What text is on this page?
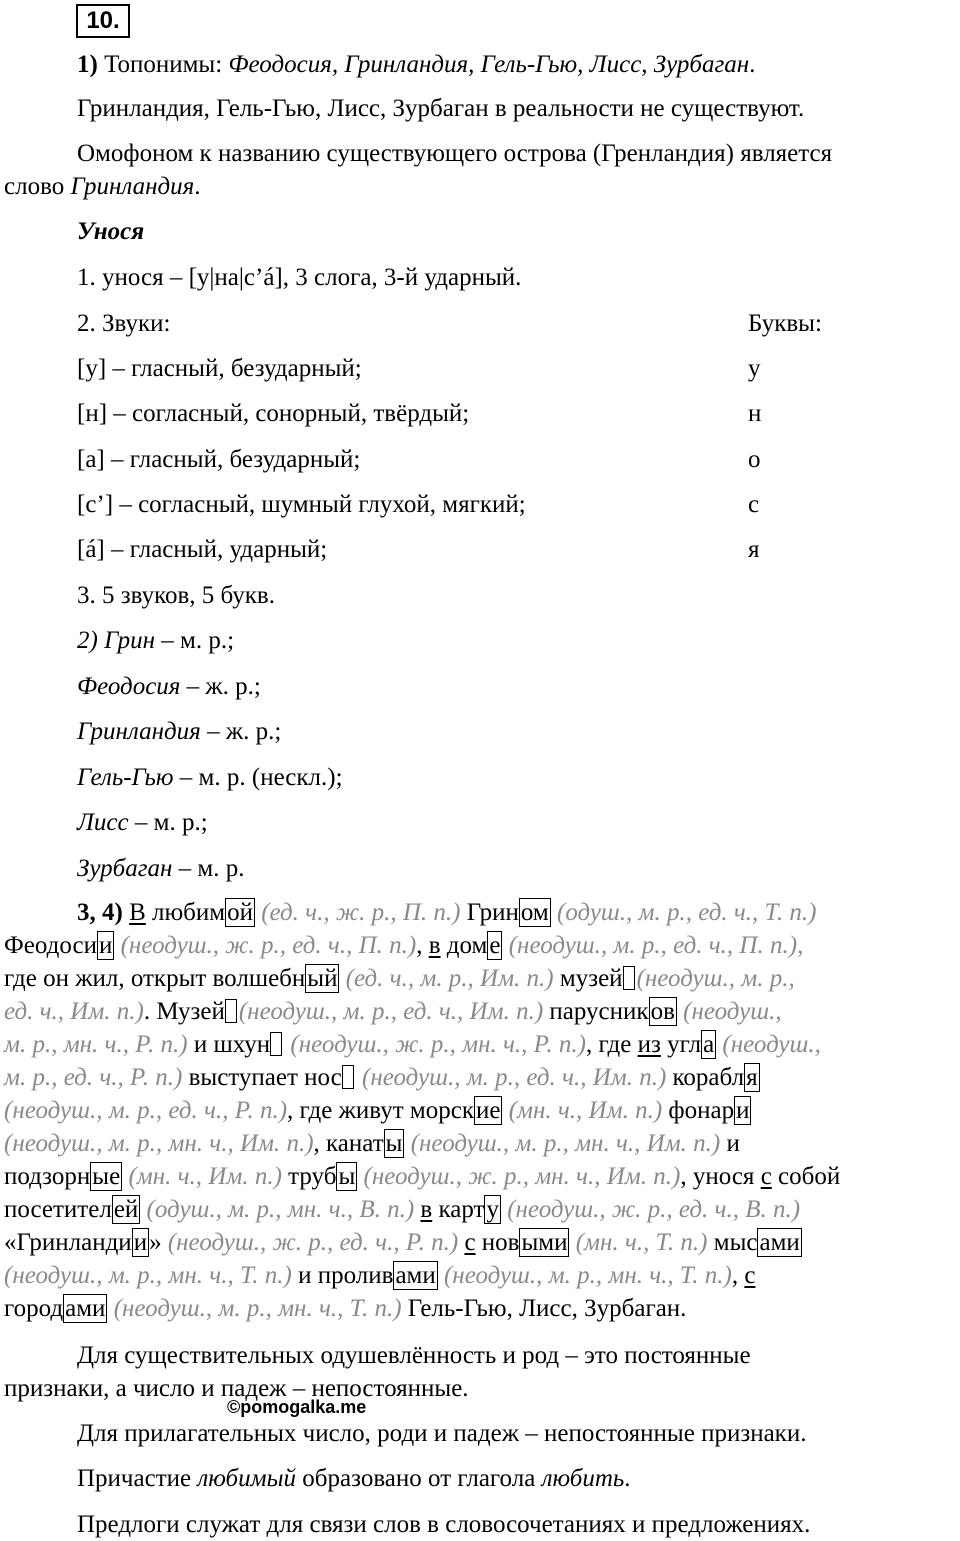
10.
1) Топонимы: Феодосия, Гринландия, Гель-Гью, Лисс, Зурбаган.
Гринландия, Гель-Гью, Лисс, Зурбаган в реальности не существуют.
Омофоном к названию существующего острова (Гренландия) является
слово Гринландия.
Унося
1. унося – [у|на|с’á], 3 слога, 3-й ударный.
2. Звуки:	Буквы:
[у] – гласный, безударный;	у
[н] – согласный, сонорный, твёрдый;	н
[а] – гласный, безударный;	о
[с’] – согласный, шумный глухой, мягкий;	с
[á] – гласный, ударный;	я
3. 5 звуков, 5 букв.
2) Грин – м. р.;
Феодосия – ж. р.;
Гринландия – ж. р.;
Гель-Гью – м. р. (нескл.);
Лисс – м. р.;
Зурбаган – м. р.
3, 4) В любимой (ед. ч., ж. р., П. п.) Грином (одуш., м. р., ед. ч., Т. п.)
Феодосии (неодуш., ж. р., ед. ч., П. п.), в доме (неодуш., м. р., ед. ч., П. п.),
где он жил, открыт волшебный (ед. ч., м. р., Им. п.) музей (неодуш., м. р.,
ед. ч., Им. п.). Музей (неодуш., м. р., ед. ч., Им. п.) парусников (неодуш.,
м. р., мн. ч., Р. п.) и шхун (неодуш., ж. р., мн. ч., Р. п.), где из угла (неодуш.,
м. р., ед. ч., Р. п.) выступает нос (неодуш., м. р., ед. ч., Им. п.) корабля
(неодуш., м. р., ед. ч., Р. п.), где живут морские (мн. ч., Им. п.) фонари
(неодуш., м. р., мн. ч., Им. п.), канаты (неодуш., м. р., мн. ч., Им. п.) и
подзорные (мн. ч., Им. п.) трубы (неодуш., ж. р., мн. ч., Им. п.), унося с собой
посетителей (одуш., м. р., мн. ч., В. п.) в карту (неодуш., ж. р., ед. ч., В. п.)
«Гринландии» (неодуш., ж. р., ед. ч., Р. п.) с новыми (мн. ч., Т. п.) мысами
(неодуш., м. р., мн. ч., Т. п.) и проливами (неодуш., м. р., мн. ч., Т. п.), с
городами (неодуш., м. р., мн. ч., Т. п.) Гель-Гью, Лисс, Зурбаган.
Для существительных одушевлённость и род – это постоянные
признаки, а число и падеж – непостоянные.
©pomogalka.me
Для прилагательных число, роди и падеж – непостоянные признаки.
Причастие любимый образовано от глагола любить.
Предлоги служат для связи слов в словосочетаниях и предложениях.
